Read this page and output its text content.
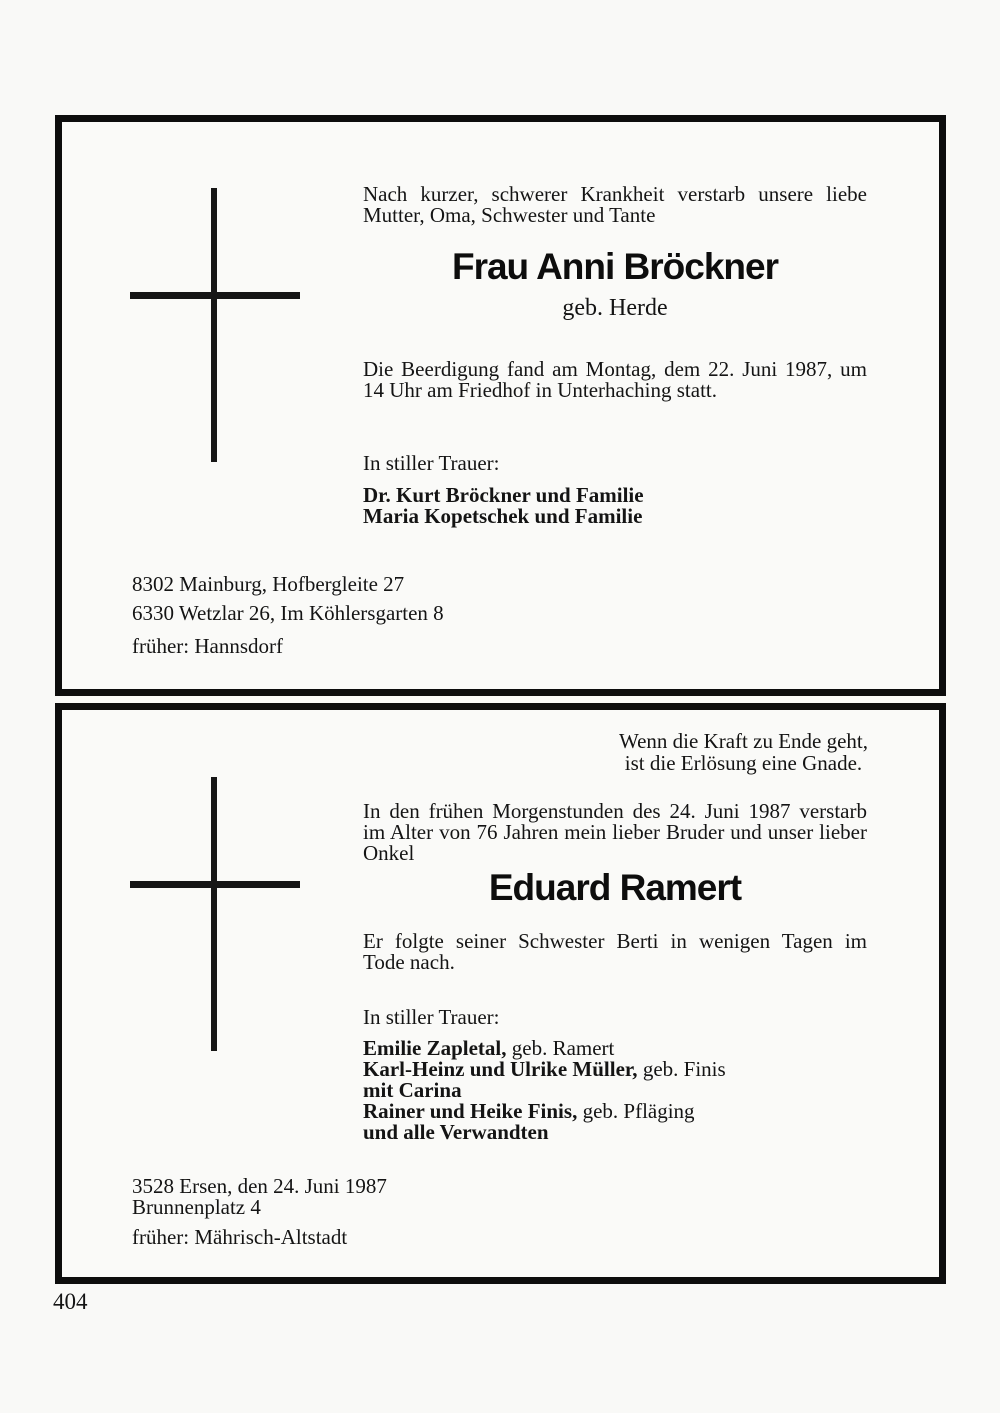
Nach kurzer, schwerer Krankheit verstarb unsere liebe
Mutter, Oma, Schwester und Tante
Frau Anni Bröckner
geb. Herde
Die Beerdigung fand am Montag, dem 22. Juni 1987, um
14 Uhr am Friedhof in Unterhaching statt.
In stiller Trauer:
Dr. Kurt Bröckner und Familie
Maria Kopetschek und Familie
8302 Mainburg, Hofbergleite 27
6330 Wetzlar 26, Im Köhlersgarten 8
früher: Hannsdorf
Wenn die Kraft zu Ende geht,
ist die Erlösung eine Gnade.
In den frühen Morgenstunden des 24. Juni 1987 verstarb
im Alter von 76 Jahren mein lieber Bruder und unser lieber
Onkel
Eduard Ramert
Er folgte seiner Schwester Berti in wenigen Tagen im
Tode nach.
In stiller Trauer:
Emilie Zapletal, geb. Ramert
Karl-Heinz und Ulrike Müller, geb. Finis
mit Carina
Rainer und Heike Finis, geb. Pfläging
und alle Verwandten
3528 Ersen, den 24. Juni 1987
Brunnenplatz 4
früher: Mährisch-Altstadt
404
